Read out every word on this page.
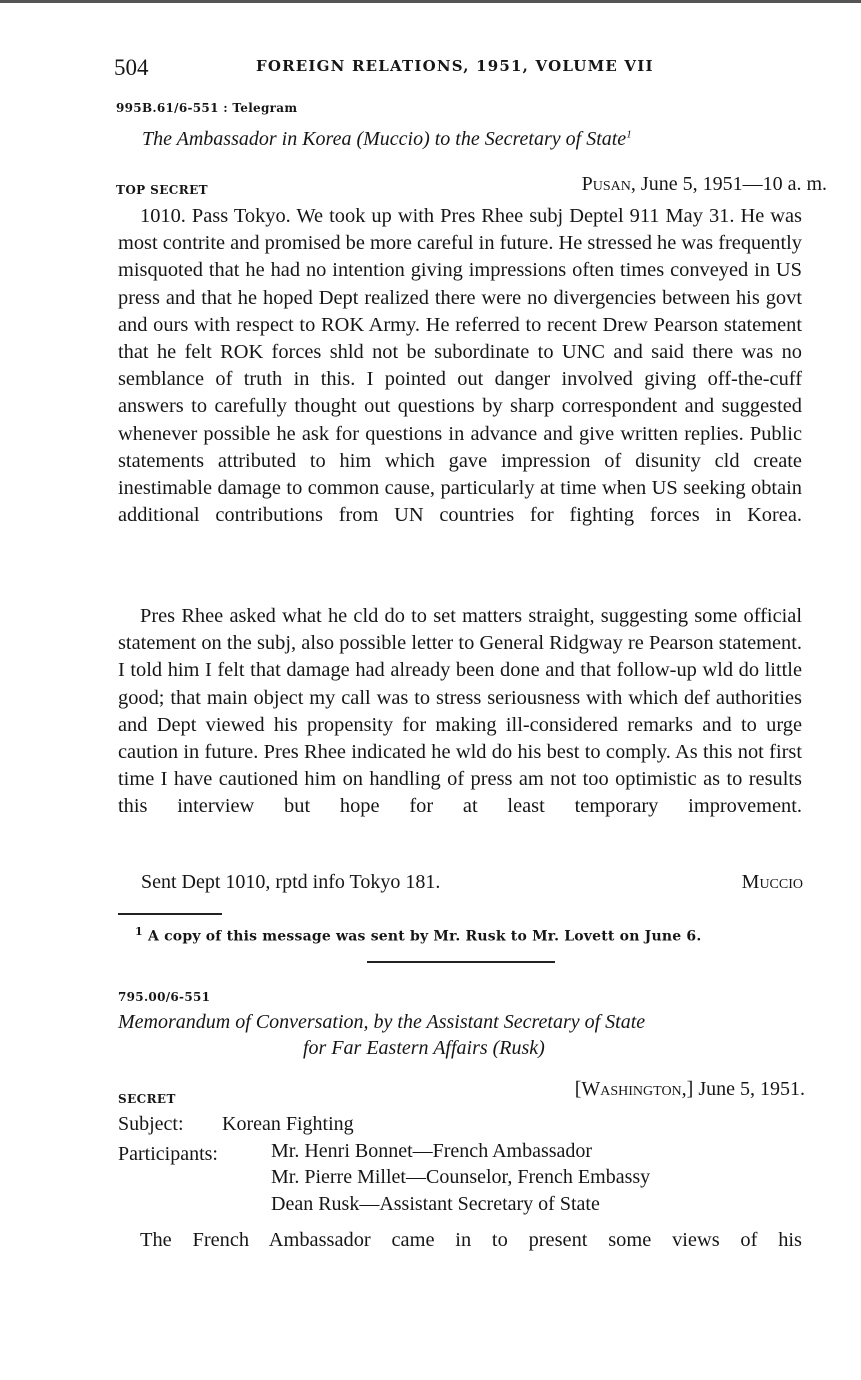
504	FOREIGN RELATIONS, 1951, VOLUME VII
995B.61/6-551 : Telegram
The Ambassador in Korea (Muccio) to the Secretary of State$^1$
TOP SECRET	Pusan, June 5, 1951—10 a. m.

1010. Pass Tokyo. We took up with Pres Rhee subj Deptel 911 May 31. He was most contrite and promised be more careful in future. He stressed he was frequently misquoted that he had no intention giving impressions often times conveyed in US press and that he hoped Dept realized there were no divergencies between his govt and ours with respect to ROK Army. He referred to recent Drew Pearson statement that he felt ROK forces shld not be subordinate to UNC and said there was no semblance of truth in this. I pointed out danger involved giving off-the-cuff answers to carefully thought out questions by sharp correspondent and suggested whenever possible he ask for questions in advance and give written replies. Public statements attributed to him which gave impression of disunity cld create inestimable damage to common cause, particularly at time when US seeking obtain additional contributions from UN countries for fighting forces in Korea.

Pres Rhee asked what he cld do to set matters straight, suggesting some official statement on the subj, also possible letter to General Ridgway re Pearson statement. I told him I felt that damage had already been done and that follow-up wld do little good; that main object my call was to stress seriousness with which def authorities and Dept viewed his propensity for making ill-considered remarks and to urge caution in future. Pres Rhee indicated he wld do his best to comply. As this not first time I have cautioned him on handling of press am not too optimistic as to results this interview but hope for at least temporary improvement.

Sent Dept 1010, rptd info Tokyo 181.	Muccio
$^1$ A copy of this message was sent by Mr. Rusk to Mr. Lovett on June 6.
795.00/6-551
Memorandum of Conversation, by the Assistant Secretary of State
for Far Eastern Affairs (Rusk)
SECRET	[Washington,] June 5, 1951.
Subject: Korean Fighting
Participants:	Mr. Henri Bonnet—French Ambassador
Mr. Pierre Millet—Counselor, French Embassy
Dean Rusk—Assistant Secretary of State

The French Ambassador came in to present some views of his
